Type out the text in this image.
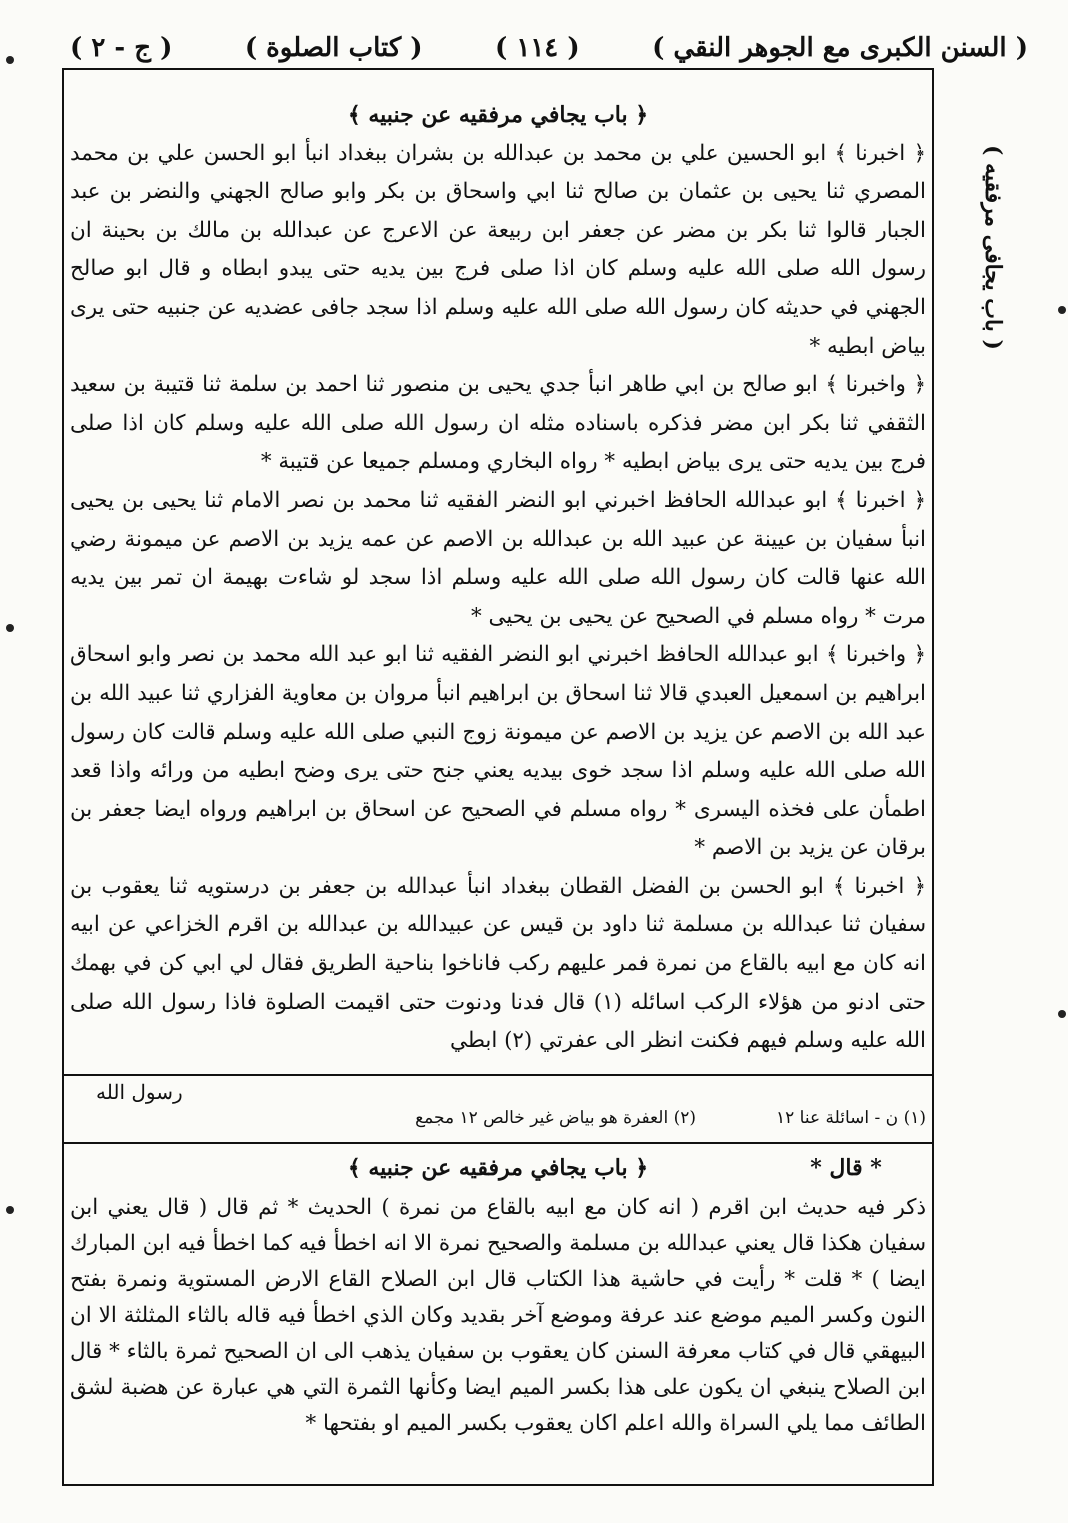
( السنن الكبرى مع الجوهر النقي )
( ١١٤ )
( كتاب الصلوة )
( ج - ٢ )
( باب يجافى مرفقيه )
﴿ باب يجافي مرفقيه عن جنبيه ﴾

﴿ اخبرنا ﴾ ابو الحسين علي بن محمد بن عبدالله بن بشران ببغداد انبأ ابو الحسن علي بن محمد المصري ثنا يحيى بن عثمان بن صالح ثنا ابي واسحاق بن بكر وابو صالح الجهني والنضر بن عبد الجبار قالوا ثنا بكر بن مضر عن جعفر ابن ربيعة عن الاعرج عن عبدالله بن مالك بن بحينة ان رسول الله صلى الله عليه وسلم كان اذا صلى فرج بين يديه حتى يبدو ابطاه و قال ابو صالح الجهني في حديثه كان رسول الله صلى الله عليه وسلم اذا سجد جافى عضديه عن جنبيه حتى يرى بياض ابطيه *

﴿ واخبرنا ﴾ ابو صالح بن ابي طاهر انبأ جدي يحيى بن منصور ثنا احمد بن سلمة ثنا قتيبة بن سعيد الثقفي ثنا بكر ابن مضر فذكره باسناده مثله ان رسول الله صلى الله عليه وسلم كان اذا صلى فرج بين يديه حتى يرى بياض ابطيه * رواه البخاري ومسلم جميعا عن قتيبة *

﴿ اخبرنا ﴾ ابو عبدالله الحافظ اخبرني ابو النضر الفقيه ثنا محمد بن نصر الامام ثنا يحيى بن يحيى انبأ سفيان بن عيينة عن عبيد الله بن عبدالله بن الاصم عن عمه يزيد بن الاصم عن ميمونة رضي الله عنها قالت كان رسول الله صلى الله عليه وسلم اذا سجد لو شاءت بهيمة ان تمر بين يديه مرت * رواه مسلم في الصحيح عن يحيى بن يحيى *

﴿ واخبرنا ﴾ ابو عبدالله الحافظ اخبرني ابو النضر الفقيه ثنا ابو عبد الله محمد بن نصر وابو اسحاق ابراهيم بن اسمعيل العبدي قالا ثنا اسحاق بن ابراهيم انبأ مروان بن معاوية الفزاري ثنا عبيد الله بن عبد الله بن الاصم عن يزيد بن الاصم عن ميمونة زوج النبي صلى الله عليه وسلم قالت كان رسول الله صلى الله عليه وسلم اذا سجد خوى بيديه يعني جنح حتى يرى وضح ابطيه من ورائه واذا قعد اطمأن على فخذه اليسرى * رواه مسلم في الصحيح عن اسحاق بن ابراهيم ورواه ايضا جعفر بن برقان عن يزيد بن الاصم *

﴿ اخبرنا ﴾ ابو الحسن بن الفضل القطان ببغداد انبأ عبدالله بن جعفر بن درستويه ثنا يعقوب بن سفيان ثنا عبدالله بن مسلمة ثنا داود بن قيس عن عبيدالله بن عبدالله بن اقرم الخزاعي عن ابيه انه كان مع ابيه بالقاع من نمرة فمر عليهم ركب فاناخوا بناحية الطريق فقال لي ابي كن في بهمك حتى ادنو من هؤلاء الركب اسائله (١) قال فدنا ودنوت حتى اقيمت الصلوة فاذا رسول الله صلى الله عليه وسلم فيهم فكنت انظر الى عفرتي (٢) ابطي

رسول الله
(١) ن - اسائلة عنا ١٢
(٢) العفرة هو بياض غير خالص ١٢ مجمع
* قال *
﴿ باب يجافي مرفقيه عن جنبيه ﴾

ذكر فيه حديث ابن اقرم ( انه كان مع ابيه بالقاع من نمرة ) الحديث * ثم قال ( قال يعني ابن سفيان هكذا قال يعني عبدالله بن مسلمة والصحيح نمرة الا انه اخطأ فيه كما اخطأ فيه ابن المبارك ايضا ) * قلت * رأيت في حاشية هذا الكتاب قال ابن الصلاح القاع الارض المستوية ونمرة بفتح النون وكسر الميم موضع عند عرفة وموضع آخر بقديد وكان الذي اخطأ فيه قاله بالثاء المثلثة الا ان البيهقي قال في كتاب معرفة السنن كان يعقوب بن سفيان يذهب الى ان الصحيح ثمرة بالثاء * قال ابن الصلاح ينبغي ان يكون على هذا بكسر الميم ايضا وكأنها الثمرة التي هي عبارة عن هضبة لشق الطائف مما يلي السراة والله اعلم اكان يعقوب بكسر الميم او بفتحها *
